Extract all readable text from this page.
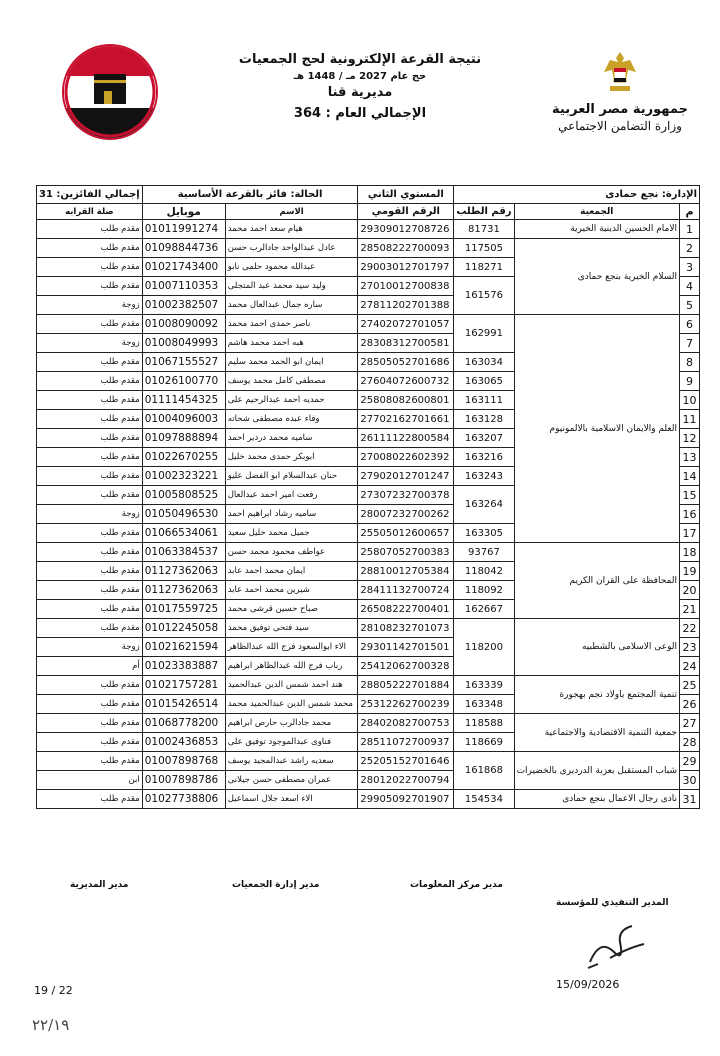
نتيجة القرعة الإلكترونية لحج الجمعيات
حج عام 2027 مـ / 1448 هـ
مديرية قنا
الإجمالي العام : 364	جمهورية مصر العربية
وزارة التضامن الاجتماعي
الإدارة: نجع حمادى			المستوي الثاني	الحالة: فائز بالقرعة الأساسية		إجمالي الفائزين: 31
م	الجمعية	رقم الطلب	الرقم القومي	الاسم	موبايل	صلة القرابه
1	الامام الحسين الدينية الخيرية	81731	29309012708726	هيام سعد احمد محمد	01011991274	مقدم طلب
2	السلام الخيرية بنجع حمادى	117505	28508222700093	عادل عبدالواحد جادالرب حسن	01098844736	مقدم طلب
3		118271	29003012701797	عبدالله محمود حلمى نابو	01021743400	مقدم طلب
4		161576	27010012700838	وليد سيد محمد عبد المتجلى	01007110353	مقدم طلب
5			27811202701388	ساره جمال عبدالعال محمد	01002382507	زوجة
6	العلم والايمان الاسلامية بالالمونيوم	162991	27402072701057	ناصر حمدى احمد محمد	01008090092	مقدم طلب
7			28308312700581	هبه احمد محمد هاشم	01008049993	زوجة
8		163034	28505052701686	ايمان ابو الحمد محمد سليم	01067155527	مقدم طلب
9		163065	27604072600732	مصطفى كامل محمد يوسف	01026100770	مقدم طلب
10		163111	25808082600801	حمديه احمد عبدالرحيم على	01111454325	مقدم طلب
11		163128	27702162701661	وفاء عبده مصطفى شحاته	01004096003	مقدم طلب
12		163207	26111122800584	ساميه محمد دردير احمد	01097888894	مقدم طلب
13		163216	27008022602392	ابوبكر حمدى محمد خليل	01022670255	مقدم طلب
14		163243	27902012701247	حنان عبدالسلام ابو الفضل عليو	01002323221	مقدم طلب
15		163264	27307232700378	رفعت امير احمد عبدالعال	01005808525	مقدم طلب
16			28007232700262	ساميه رشاد ابراهيم احمد	01050496530	زوجة
17		163305	25505012600657	جميل محمد خليل سعيد	01066534061	مقدم طلب
18	المحافظة على القران الكريم	93767	25807052700383	عواطف محمود محمد حسن	01063384537	مقدم طلب
19		118042	28810012705384	ايمان محمد احمد عابد	01127362063	مقدم طلب
20		118092	28411132700724	شيرين محمد احمد عابد	01127362063	مقدم طلب
21		162667	26508222700401	صباح حسين قرشى محمد	01017559725	مقدم طلب
22	الوعى الاسلامى بالشطبيه	118200	28108232701073	سيد فتحى توفيق محمد	01012245058	مقدم طلب
23			29301142701501	الاء ابوالسعود فرج الله عبدالظاهر	01021621594	زوجة
24			25412062700328	رباب فرج الله عبدالظاهر ابراهيم	01023383887	أم
25	تنمية المجتمع باولاد نجم بهجورة	163339	28805222701884	هند احمد شمس الدين عبدالحميد	01021757281	مقدم طلب
26		163348	25312262700239	محمد شمس الدين عبدالحميد محمد	01015426514	مقدم طلب
27	جمعية التنمية الاقتصادية والاجتماعية	118588	28402082700753	محمد جادالرب حارص ابراهيم	01068778200	مقدم طلب
28		118669	28511072700937	فناوى عبدالموجود توفيق على	01002436853	مقدم طلب
29	شباب المستقبل بعزبة الدرديرى بالخضيرات	161868	25205152701646	سعديه راشد عبدالمجيد يوسف	01007898768	مقدم طلب
30			28012022700794	عمران مصطفى حسن جيلانى	01007898786	ابن
31	نادى رجال الاعمال بنجع حمادى	154534	29905092701907	الاء اسعد جلال اسماعيل	01027738806	مقدم طلب
مدير المديرية	مدير إدارة الجمعيات	مدير مركز المعلومات
المدير التنفيذي للمؤسسة
19 / 22	15/09/2026
٢٢/١٩
